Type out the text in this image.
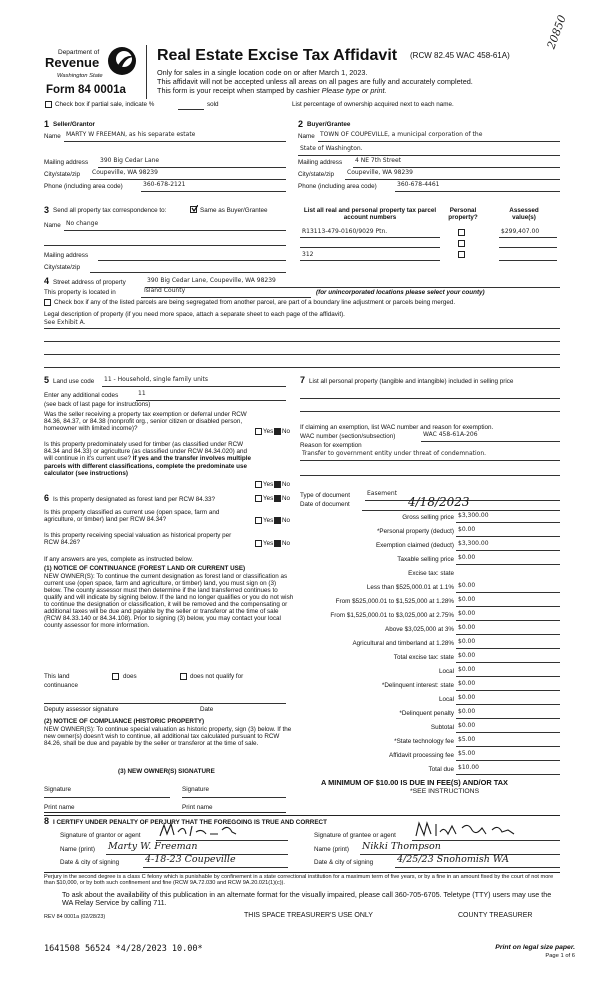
20850
Department of
Revenue
Washington State
Form 84 0001a
Real Estate Excise Tax Affidavit (RCW 82.45 WAC 458-61A)
Only for sales in a single location code on or after March 1, 2023.
This affidavit will not be accepted unless all areas on all pages are fully and accurately completed.
This form is your receipt when stamped by cashier Please type or print.
Check box if partial sale, indicate %	sold	List percentage of ownership acquired next to each name.
1 Seller/Grantor
Name MARTY W FREEMAN, as his separate estate
Mailing address 390 Big Cedar Lane
City/state/zip Coupeville, WA 98239
Phone (including area code)	360-678-2121
2 Buyer/Grantee
Name TOWN OF COUPEVILLE, a municipal corporation of the
State of Washington.
Mailing address 4 NE 7th Street
City/state/zip Coupeville, WA 98239
Phone (including area code)	360-678-4461
3 Send all property tax correspondence to:	Same as Buyer/Grantee
Name No change
Mailing address
City/state/zip
List all real and personal property tax parcel account numbers
Personal property?
Assessed value(s)
R13113-479-0160/9029 Ptn.	$299,407.00
312
4 Street address of property	390 Big Cedar Lane, Coupeville, WA 98239
This property is located in	Island County	(for unincorporated locations please select your county)
Check box if any of the listed parcels are being segregated from another parcel, are part of a boundary line adjustment or parcels being merged.
Legal description of property (if you need more space, attach a separate sheet to each page of the affidavit).
See Exhibit A.
5 Land use code 11 - Household, single family units
Enter any additional codes	11
(see back of last page for instructions)
Was the seller receiving a property tax exemption or deferral under RCW 84.36, 84.37, or 84.38 (nonprofit org., senior citizen or disabled person, homeowner with limited income)?	Yes No
Is this property predominately used for timber (as classified under RCW 84.34 and 84.33) or agriculture (as classified under RCW 84.34.020) and will continue in it's current use? If yes and the transfer involves multiple parcels with different classifications, complete the predominate use calculator (see instructions)
Yes No
6 Is this property designated as forest land per RCW 84.33?	Yes No
Is this property classified as current use (open space, farm and agriculture, or timber) land per RCW 84.34?	Yes No
Is this property receiving special valuation as historical property per RCW 84.26?	Yes No
If any answers are yes, complete as instructed below.
(1) NOTICE OF CONTINUANCE (FOREST LAND OR CURRENT USE)
NEW OWNER(S): To continue the current designation as forest land or classification as current use (open space, farm and agriculture, or timber) land, you must sign on (3) below. The county assessor must then determine if the land transferred continues to qualify and will indicate by signing below. If the land no longer qualifies or you do not wish to continue the designation or classification, it will be removed and the compensating or additional taxes will be due and payable by the seller or transferor at the time of sale (RCW 84.33.140 or 84.34.108). Prior to signing (3) below, you may contact your local county assessor for more information.
This land	does	does not qualify for
continuance
Deputy assessor signature	Date
(2) NOTICE OF COMPLIANCE (HISTORIC PROPERTY)
NEW OWNER(S): To continue special valuation as historic property, sign (3) below. If the new owner(s) doesn't wish to continue, all additional tax calculated pursuant to RCW 84.26, shall be due and payable by the seller or transferor at the time of sale.
(3) NEW OWNER(S) SIGNATURE
Signature	Signature
Print name	Print name
7 List all personal property (tangible and intangible) included in selling price
If claiming an exemption, list WAC number and reason for exemption.
WAC number (section/subsection)	WAC 458-61A-206
Reason for exemption
Transfer to government entity under threat of condemnation.
Type of document	Easement
Date of document	4/18/2023
Gross selling price $3,300.00
*Personal property (deduct) $0.00
Exemption claimed (deduct) $3,300.00
Taxable selling price $0.00
Excise tax: state
Less than $525,000.01 at 1.1% $0.00
From $525,000.01 to $1,525,000 at 1.28% $0.00
From $1,525,000.01 to $3,025,000 at 2.75% $0.00
Above $3,025,000 at 3% $0.00
Agricultural and timberland at 1.28% $0.00
Total excise tax: state $0.00
Local $0.00
*Delinquent interest: state $0.00
Local $0.00
*Delinquent penalty $0.00
Subtotal $0.00
*State technology fee $5.00
Affidavit processing fee $5.00
Total due $10.00
A MINIMUM OF $10.00 IS DUE IN FEE(S) AND/OR TAX
*SEE INSTRUCTIONS
8 I CERTIFY UNDER PENALTY OF PERJURY THAT THE FOREGOING IS TRUE AND CORRECT
Signature of grantor or agent	Signature of grantee or agent
Name (print) Marty W. Freeman	Name (print) Nikki Thompson
Date & city of signing	4-18-23 Coupeville	Date & city of signing	4/25/23 Snohomish WA
Perjury in the second degree is a class C felony which is punishable by confinement in a state correctional institution for a maximum term of five years, or by a fine in an amount fixed by the court of not more than $10,000, or by both such confinement and fine (RCW 9A.72.030 and RCW 9A.20.021(1)(c)).
To ask about the availability of this publication in an alternate format for the visually impaired, please call 360-705-6705. Teletype (TTY) users may use the WA Relay Service by calling 711.
REV 84 0001a (02/28/23)	THIS SPACE TREASURER'S USE ONLY	COUNTY TREASURER
1641508 56524 *4/28/2023 10.00*	Print on legal size paper.
Page 1 of 6
